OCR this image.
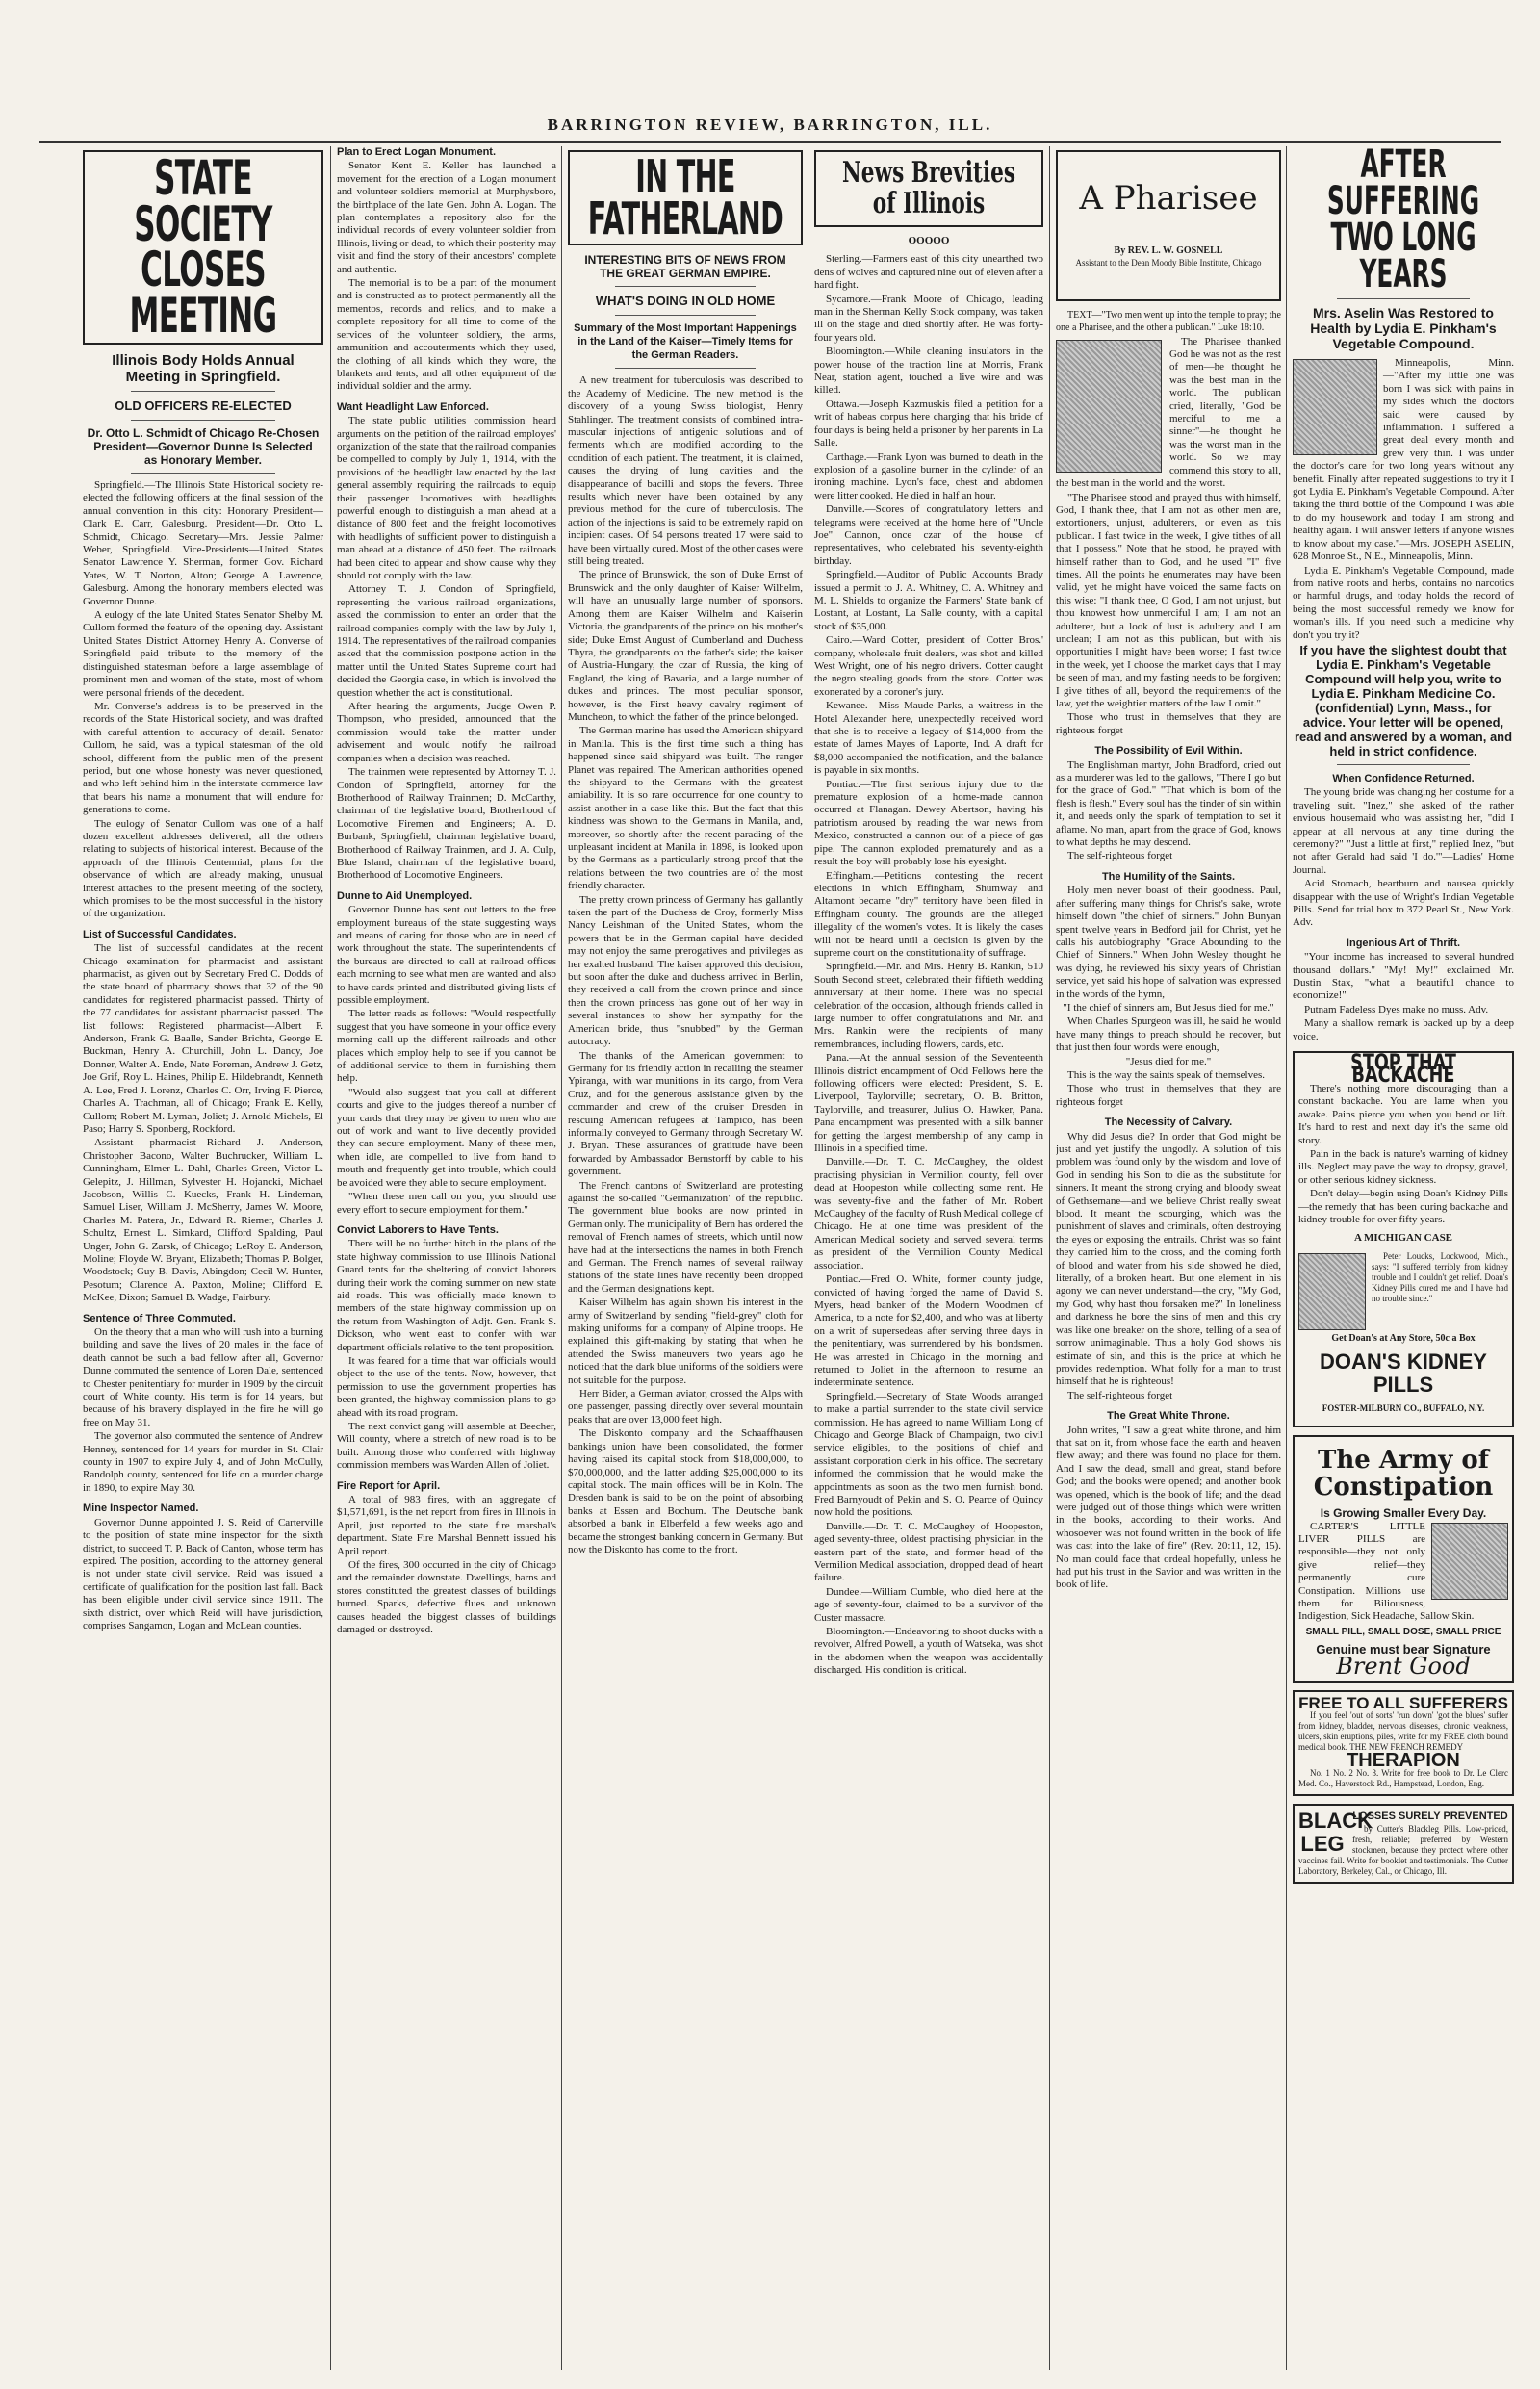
BARRINGTON REVIEW, BARRINGTON, ILL.
STATE SOCIETY CLOSES MEETING
Illinois Body Holds Annual Meeting in Springfield.
OLD OFFICERS RE-ELECTED
Dr. Otto L. Schmidt of Chicago Re-Chosen President—Governor Dunne Is Selected as Honorary Member.

Springfield.—The Illinois State Historical society re-elected the following officers at the final session of the annual convention in this city: Honorary President—Clark E. Carr, Galesburg. President—Dr. Otto L. Schmidt, Chicago. Secretary—Mrs. Jessie Palmer Weber, Springfield. Vice-Presidents—United States Senator Lawrence Y. Sherman, former Gov. Richard Yates, W. T. Norton, Alton; George A. Lawrence, Galesburg. Among the honorary members elected was Governor Dunne.

A eulogy of the late United States Senator Shelby M. Cullom formed the feature of the opening day. Assistant United States District Attorney Henry A. Converse of Springfield paid tribute to the memory of the distinguished statesman before a large assemblage of prominent men and women of the state, most of whom were personal friends of the decedent.

Mr. Converse's address is to be preserved in the records of the State Historical society, and was drafted with careful attention to accuracy of detail. Senator Cullom, he said, was a typical statesman of the old school, different from the public men of the present period, but one whose honesty was never questioned, and who left behind him in the interstate commerce law that bears his name a monument that will endure for generations to come.

The eulogy of Senator Cullom was one of a half dozen excellent addresses delivered, all the others relating to subjects of historical interest. Because of the approach of the Illinois Centennial, plans for the observance of which are already making, unusual interest attaches to the present meeting of the society, which promises to be the most successful in the history of the organization.

List of Successful Candidates.

The list of successful candidates at the recent Chicago examination for pharmacist and assistant pharmacist, as given out by Secretary Fred C. Dodds of the state board of pharmacy shows that 32 of the 90 candidates for registered pharmacist passed. Thirty of the 77 candidates for assistant pharmacist passed. The list follows: Registered pharmacist—Albert F. Anderson, Frank G. Baalle, Sander Brichta, George E. Buckman, Henry A. Churchill, John L. Dancy, Joe Donner, Walter A. Ende, Nate Foreman, Andrew J. Getz, Joe Grif, Roy L. Haines, Philip E. Hildebrandt, Kenneth A. Lee, Fred J. Lorenz, Charles C. Orr, Irving F. Pierce, Charles A. Trachman, all of Chicago; Frank E. Kelly, Cullom; Robert M. Lyman, Joliet; J. Arnold Michels, El Paso; Harry S. Sponberg, Rockford.

Assistant pharmacist—Richard J. Anderson, Christopher Bacono, Walter Buchrucker, William L. Cunningham, Elmer L. Dahl, Charles Green, Victor L. Gelepitz, J. Hillman, Sylvester H. Hojancki, Michael Jacobson, Willis C. Kuecks, Frank H. Lindeman, Samuel Liser, William J. McSherry, James W. Moore, Charles M. Patera, Jr., Edward R. Riemer, Charles J. Schultz, Ernest L. Simkard, Clifford Spalding, Paul Unger, John G. Zarsk, of Chicago; LeRoy E. Anderson, Moline; Floyde W. Bryant, Elizabeth; Thomas P. Bolger, Woodstock; Guy B. Davis, Abingdon; Cecil W. Hunter, Pesotum; Clarence A. Paxton, Moline; Clifford E. McKee, Dixon; Samuel B. Wadge, Fairbury.

Sentence of Three Commuted.

On the theory that a man who will rush into a burning building and save the lives of 20 males in the face of death cannot be such a bad fellow after all, Governor Dunne commuted the sentence of Loren Dale, sentenced to Chester penitentiary for murder in 1909 by the circuit court of White county. His term is for 14 years, but because of his bravery displayed in the fire he will go free on May 31.

The governor also commuted the sentence of Andrew Henney, sentenced for 14 years for murder in St. Clair county in 1907 to expire July 4, and of John McCully, Randolph county, sentenced for life on a murder charge in 1890, to expire May 30.

Mine Inspector Named.

Governor Dunne appointed J. S. Reid of Carterville to the position of state mine inspector for the sixth district, to succeed T. P. Back of Canton, whose term has expired. The position, according to the attorney general is not under state civil service. Reid was issued a certificate of qualification for the position last fall. Back has been eligible under civil service since 1911. The sixth district, over which Reid will have jurisdiction, comprises Sangamon, Logan and McLean counties.

Plan to Erect Logan Monument.

Senator Kent E. Keller has launched a movement for the erection of a Logan monument and volunteer soldiers memorial at Murphysboro, the birthplace of the late Gen. John A. Logan. The plan contemplates a repository also for the individual records of every volunteer soldier from Illinois, living or dead, to which their posterity may visit and find the story of their ancestors' complete and authentic.

The memorial is to be a part of the monument and is constructed as to protect permanently all the mementos, records and relics, and to make a complete repository for all time to come of the services of the volunteer soldiery, the arms, ammunition and accouterments which they used, the clothing of all kinds which they wore, the blankets and tents, and all other equipment of the individual soldier and the army.

Want Headlight Law Enforced.

The state public utilities commission heard arguments on the petition of the railroad employes' organization of the state that the railroad companies be compelled to comply by July 1, 1914, with the provisions of the headlight law enacted by the last general assembly requiring the railroads to equip their passenger locomotives with headlights powerful enough to distinguish a man ahead at a distance of 800 feet and the freight locomotives with headlights of sufficient power to distinguish a man ahead at a distance of 450 feet. The railroads had been cited to appear and show cause why they should not comply with the law.

Attorney T. J. Condon of Springfield, representing the various railroad organizations, asked the commission to enter an order that the railroad companies comply with the law by July 1, 1914. The representatives of the railroad companies asked that the commission postpone action in the matter until the United States Supreme court had decided the Georgia case, in which is involved the question whether the act is constitutional.

After hearing the arguments, Judge Owen P. Thompson, who presided, announced that the commission would take the matter under advisement and would notify the railroad companies when a decision was reached.

The trainmen were represented by Attorney T. J. Condon of Springfield, attorney for the Brotherhood of Railway Trainmen; D. McCarthy, chairman of the legislative board, Brotherhood of Locomotive Firemen and Engineers; A. D. Burbank, Springfield, chairman legislative board, Brotherhood of Railway Trainmen, and J. A. Culp, Blue Island, chairman of the legislative board, Brotherhood of Locomotive Engineers.

Dunne to Aid Unemployed.

Governor Dunne has sent out letters to the free employment bureaus of the state suggesting ways and means of caring for those who are in need of work throughout the state. The superintendents of the bureaus are directed to call at railroad offices each morning to see what men are wanted and also to have cards printed and distributed giving lists of possible employment.

The letter reads as follows: "Would respectfully suggest that you have someone in your office every morning call up the different railroads and other places which employ help to see if you cannot be of additional service to them in furnishing them help.

"Would also suggest that you call at different courts and give to the judges thereof a number of your cards that they may be given to men who are out of work and want to live decently provided they can secure employment. Many of these men, when idle, are compelled to live from hand to mouth and frequently get into trouble, which could be avoided were they able to secure employment.

"When these men call on you, you should use every effort to secure employment for them."

Convict Laborers to Have Tents.

There will be no further hitch in the plans of the state highway commission to use Illinois National Guard tents for the sheltering of convict laborers during their work the coming summer on new state aid roads. This was officially made known to members of the state highway commission up on the return from Washington of Adjt. Gen. Frank S. Dickson, who went east to confer with war department officials relative to the tent proposition.

It was feared for a time that war officials would object to the use of the tents. Now, however, that permission to use the government properties has been granted, the highway commission plans to go ahead with its road program.

The next convict gang will assemble at Beecher, Will county, where a stretch of new road is to be built. Among those who conferred with highway commission members was Warden Allen of Joliet.

Fire Report for April.

A total of 983 fires, with an aggregate of $1,571,691, is the net report from fires in Illinois in April, just reported to the state fire marshal's department. State Fire Marshal Bennett issued his April report.

Of the fires, 300 occurred in the city of Chicago and the remainder downstate. Dwellings, barns and stores constituted the greatest classes of buildings burned. Sparks, defective flues and unknown causes headed the biggest classes of buildings damaged or destroyed.

IN THE FATHERLAND
INTERESTING BITS OF NEWS FROM THE GREAT GERMAN EMPIRE.
WHAT'S DOING IN OLD HOME
Summary of the Most Important Happenings in the Land of the Kaiser—Timely Items for the German Readers.

A new treatment for tuberculosis was described to the Academy of Medicine. The new method is the discovery of a young Swiss biologist, Henry Stahlinger. The treatment consists of combined intra-muscular injections of antigenic solutions and of ferments which are modified according to the condition of each patient. The treatment, it is claimed, causes the drying of lung cavities and the disappearance of bacilli and stops the fevers. Three results which never have been obtained by any previous method for the cure of tuberculosis. The action of the injections is said to be extremely rapid on incipient cases. Of 54 persons treated 17 were said to have been virtually cured. Most of the other cases were still being treated.

The prince of Brunswick, the son of Duke Ernst of Brunswick and the only daughter of Kaiser Wilhelm, will have an unusually large number of sponsors. Among them are Kaiser Wilhelm and Kaiserin Victoria, the grandparents of the prince on his mother's side; Duke Ernst August of Cumberland and Duchess Thyra, the grandparents on the father's side; the kaiser of Austria-Hungary, the czar of Russia, the king of England, the king of Bavaria, and a large number of dukes and princes. The most peculiar sponsor, however, is the First heavy cavalry regiment of Muncheon, to which the father of the prince belonged.

The German marine has used the American shipyard in Manila. This is the first time such a thing has happened since said shipyard was built. The ranger Planet was repaired. The American authorities opened the shipyard to the Germans with the greatest amiability. It is so rare occurrence for one country to assist another in a case like this. But the fact that this kindness was shown to the Germans in Manila, and, moreover, so shortly after the recent parading of the unpleasant incident at Manila in 1898, is looked upon by the Germans as a particularly strong proof that the relations between the two countries are of the most friendly character.

The pretty crown princess of Germany has gallantly taken the part of the Duchess de Croy, formerly Miss Nancy Leishman of the United States, whom the powers that be in the German capital have decided may not enjoy the same prerogatives and privileges as her exalted husband. The kaiser approved this decision, but soon after the duke and duchess arrived in Berlin, they received a call from the crown prince and since then the crown princess has gone out of her way in several instances to show her sympathy for the American bride, thus "snubbed" by the German autocracy.

The thanks of the American government to Germany for its friendly action in recalling the steamer Ypiranga, with war munitions in its cargo, from Vera Cruz, and for the generous assistance given by the commander and crew of the cruiser Dresden in rescuing American refugees at Tampico, has been informally conveyed to Germany through Secretary W. J. Bryan. These assurances of gratitude have been forwarded by Ambassador Bernstorff by cable to his government.

The French cantons of Switzerland are protesting against the so-called "Germanization" of the republic. The government blue books are now printed in German only. The municipality of Bern has ordered the removal of French names of streets, which until now have had at the intersections the names in both French and German. The French names of several railway stations of the state lines have recently been dropped and the German designations kept.

Kaiser Wilhelm has again shown his interest in the army of Switzerland by sending "field-grey" cloth for making uniforms for a company of Alpine troops. He explained this gift-making by stating that when he attended the Swiss maneuvers two years ago he noticed that the dark blue uniforms of the soldiers were not suitable for the purpose.

Herr Bider, a German aviator, crossed the Alps with one passenger, passing directly over several mountain peaks that are over 13,000 feet high.

The Diskonto company and the Schaaffhausen bankings union have been consolidated, the former having raised its capital stock from $18,000,000, to $70,000,000, and the latter adding $25,000,000 to its capital stock. The main offices will be in Koln. The Dresden bank is said to be on the point of absorbing banks at Essen and Bochum. The Deutsche bank absorbed a bank in Elberfeld a few weeks ago and became the strongest banking concern in Germany. But now the Diskonto has come to the front.

News Brevities of Illinois
OOOOO

Sterling.—Farmers east of this city unearthed two dens of wolves and captured nine out of eleven after a hard fight.

Sycamore.—Frank Moore of Chicago, leading man in the Sherman Kelly Stock company, was taken ill on the stage and died shortly after. He was forty-four years old.

Bloomington.—While cleaning insulators in the power house of the traction line at Morris, Frank Near, station agent, touched a live wire and was killed.

Ottawa.—Joseph Kazmuskis filed a petition for a writ of habeas corpus here charging that his bride of four days is being held a prisoner by her parents in La Salle.

Carthage.—Frank Lyon was burned to death in the explosion of a gasoline burner in the cylinder of an ironing machine. Lyon's face, chest and abdomen were litter cooked. He died in half an hour.

Danville.—Scores of congratulatory letters and telegrams were received at the home here of "Uncle Joe" Cannon, once czar of the house of representatives, who celebrated his seventy-eighth birthday.

Springfield.—Auditor of Public Accounts Brady issued a permit to J. A. Whitney, C. A. Whitney and M. L. Shields to organize the Farmers' State bank of Lostant, at Lostant, La Salle county, with a capital stock of $35,000.

Cairo.—Ward Cotter, president of Cotter Bros.' company, wholesale fruit dealers, was shot and killed West Wright, one of his negro drivers. Cotter caught the negro stealing goods from the store. Cotter was exonerated by a coroner's jury.

Kewanee.—Miss Maude Parks, a waitress in the Hotel Alexander here, unexpectedly received word that she is to receive a legacy of $14,000 from the estate of James Mayes of Laporte, Ind. A draft for $8,000 accompanied the notification, and the balance is payable in six months.

Pontiac.—The first serious injury due to the premature explosion of a home-made cannon occurred at Flanagan. Dewey Abertson, having his patriotism aroused by reading the war news from Mexico, constructed a cannon out of a piece of gas pipe. The cannon exploded prematurely and as a result the boy will probably lose his eyesight.

Effingham.—Petitions contesting the recent elections in which Effingham, Shumway and Altamont became "dry" territory have been filed in Effingham county. The grounds are the alleged illegality of the women's votes. It is likely the cases will not be heard until a decision is given by the supreme court on the constitutionality of suffrage.

Springfield.—Mr. and Mrs. Henry B. Rankin, 510 South Second street, celebrated their fiftieth wedding anniversary at their home. There was no special celebration of the occasion, although friends called in large number to offer congratulations and Mr. and Mrs. Rankin were the recipients of many remembrances, including flowers, cards, etc.

Pana.—At the annual session of the Seventeenth Illinois district encampment of Odd Fellows here the following officers were elected: President, S. E. Liverpool, Taylorville; secretary, O. B. Britton, Taylorville, and treasurer, Julius O. Hawker, Pana. Pana encampment was presented with a silk banner for getting the largest membership of any camp in Illinois in a specified time.

Danville.—Dr. T. C. McCaughey, the oldest practising physician in Vermilion county, fell over dead at Hoopeston while collecting some rent. He was seventy-five and the father of Mr. Robert McCaughey of the faculty of Rush Medical college of Chicago. He at one time was president of the American Medical society and served several terms as president of the Vermilion County Medical association.

Pontiac.—Fred O. White, former county judge, convicted of having forged the name of David S. Myers, head banker of the Modern Woodmen of America, to a note for $2,400, and who was at liberty on a writ of supersedeas after serving three days in the penitentiary, was surrendered by his bondsmen. He was arrested in Chicago in the morning and returned to Joliet in the afternoon to resume an indeterminate sentence.

Springfield.—Secretary of State Woods arranged to make a partial surrender to the state civil service commission. He has agreed to name William Long of Chicago and George Black of Champaign, two civil service eligibles, to the positions of chief and assistant corporation clerk in his office. The secretary informed the commission that he would make the appointments as soon as the two men furnish bond. Fred Barnyoudt of Pekin and S. O. Pearce of Quincy now hold the positions.

Danville.—Dr. T. C. McCaughey of Hoopeston, aged seventy-three, oldest practising physician in the eastern part of the state, and former head of the Vermilion Medical association, dropped dead of heart failure.

Dundee.—William Cumble, who died here at the age of seventy-four, claimed to be a survivor of the Custer massacre.

Bloomington.—Endeavoring to shoot ducks with a revolver, Alfred Powell, a youth of Watseka, was shot in the abdomen when the weapon was accidentally discharged. His condition is critical.

A Pharisee
By REV. L. W. GOSNELL
Assistant to the Dean Moody Bible Institute, Chicago

TEXT—"Two men went up into the temple to pray; the one a Pharisee, and the other a publican." Luke 18:10.

The Pharisee thanked God he was not as the rest of men—he thought he was the best man in the world. The publican cried, literally, "God be merciful to me a sinner"—he thought he was the worst man in the world. So we may commend this story to all, the best man in the world and the worst.

"The Pharisee stood and prayed thus with himself, God, I thank thee, that I am not as other men are, extortioners, unjust, adulterers, or even as this publican. I fast twice in the week, I give tithes of all that I possess." Note that he stood, he prayed with himself rather than to God, and he used "I" five times. All the points he enumerates may have been valid, yet he might have voiced the same facts on this wise: "I thank thee, O God, I am not unjust, but thou knowest how unmerciful I am; I am not an adulterer, but a look of lust is adultery and I am unclean; I am not as this publican, but with his opportunities I might have been worse; I fast twice in the week, yet I choose the market days that I may be seen of man, and my fasting needs to be forgiven; I give tithes of all, beyond the requirements of the law, yet the weightier matters of the law I omit."

Those who trust in themselves that they are righteous forget

The Possibility of Evil Within.

The Englishman martyr, John Bradford, cried out as a murderer was led to the gallows, "There I go but for the grace of God." "That which is born of the flesh is flesh." Every soul has the tinder of sin within it, and needs only the spark of temptation to set it aflame. No man, apart from the grace of God, knows to what depths he may descend.

The self-righteous forget

The Humility of the Saints.

Holy men never boast of their goodness. Paul, after suffering many things for Christ's sake, wrote himself down "the chief of sinners." John Bunyan spent twelve years in Bedford jail for Christ, yet he calls his autobiography "Grace Abounding to the Chief of Sinners." When John Wesley thought he was dying, he reviewed his sixty years of Christian service, yet said his hope of salvation was expressed in the words of the hymn,

"I the chief of sinners am, But Jesus died for me."

When Charles Spurgeon was ill, he said he would have many things to preach should he recover, but that just then four words were enough,

"Jesus died for me."

This is the way the saints speak of themselves.

Those who trust in themselves that they are righteous forget

The Necessity of Calvary.

Why did Jesus die? In order that God might be just and yet justify the ungodly. A solution of this problem was found only by the wisdom and love of God in sending his Son to die as the substitute for sinners. It meant the strong crying and bloody sweat of Gethsemane—and we believe Christ really sweat blood. It meant the scourging, which was the punishment of slaves and criminals, often destroying the eyes or exposing the entrails. Christ was so faint they carried him to the cross, and the coming forth of blood and water from his side showed he died, literally, of a broken heart. But one element in his agony we can never understand—the cry, "My God, my God, why hast thou forsaken me?" In loneliness and darkness he bore the sins of men and this cry was like one breaker on the shore, telling of a sea of sorrow unimaginable. Thus a holy God shows his estimate of sin, and this is the price at which he provides redemption. What folly for a man to trust himself that he is righteous!

The self-righteous forget

The Great White Throne.

John writes, "I saw a great white throne, and him that sat on it, from whose face the earth and heaven flew away; and there was found no place for them. And I saw the dead, small and great, stand before God; and the books were opened; and another book was opened, which is the book of life; and the dead were judged out of those things which were written in the books, according to their works. And whosoever was not found written in the book of life was cast into the lake of fire" (Rev. 20:11, 12, 15). No man could face that ordeal hopefully, unless he had put his trust in the Savior and was written in the book of life.

AFTER SUFFERING TWO LONG YEARS
Mrs. Aselin Was Restored to Health by Lydia E. Pinkham's Vegetable Compound.

Minneapolis, Minn.—"After my little one was born I was sick with pains in my sides which the doctors said were caused by inflammation. I suffered a great deal every month and grew very thin. I was under the doctor's care for two long years without any benefit. Finally after repeated suggestions to try it I got Lydia E. Pinkham's Vegetable Compound. After taking the third bottle of the Compound I was able to do my housework and today I am strong and healthy again. I will answer letters if anyone wishes to know about my case."—Mrs. JOSEPH ASELIN, 628 Monroe St., N.E., Minneapolis, Minn.

Lydia E. Pinkham's Vegetable Compound, made from native roots and herbs, contains no narcotics or harmful drugs, and today holds the record of being the most successful remedy we know for woman's ills. If you need such a medicine why don't you try it?

If you have the slightest doubt that Lydia E. Pinkham's Vegetable Compound will help you, write to Lydia E. Pinkham Medicine Co. (confidential) Lynn, Mass., for advice. Your letter will be opened, read and answered by a woman, and held in strict confidence.

When Confidence Returned.

The young bride was changing her costume for a traveling suit. "Inez," she asked of the rather envious housemaid who was assisting her, "did I appear at all nervous at any time during the ceremony?" "Just a little at first," replied Inez, "but not after Gerald had said 'I do.'"—Ladies' Home Journal.

Acid Stomach, heartburn and nausea quickly disappear with the use of Wright's Indian Vegetable Pills. Send for trial box to 372 Pearl St., New York. Adv.

Ingenious Art of Thrift.

"Your income has increased to several hundred thousand dollars." "My! My!" exclaimed Mr. Dustin Stax, "what a beautiful chance to economize!"

Putnam Fadeless Dyes make no muss. Adv.

Many a shallow remark is backed up by a deep voice.

STOP THAT BACKACHE

There's nothing more discouraging than a constant backache. You are lame when you awake. Pains pierce you when you bend or lift. It's hard to rest and next day it's the same old story.

Pain in the back is nature's warning of kidney ills. Neglect may pave the way to dropsy, gravel, or other serious kidney sickness.

Don't delay—begin using Doan's Kidney Pills—the remedy that has been curing backache and kidney trouble for over fifty years.

A MICHIGAN CASE

Peter Loucks, Lockwood, Mich., says: "I suffered terribly from kidney trouble and I couldn't get relief. Doan's Kidney Pills cured me and I have had no trouble since."

Get Doan's at Any Store, 50c a Box
DOAN'S KIDNEY PILLS
FOSTER-MILBURN CO., BUFFALO, N.Y.
The Army of Constipation
Is Growing Smaller Every Day.

CARTER'S LITTLE LIVER PILLS are responsible—they not only give relief—they permanently cure Constipation. Millions use them for Biliousness, Indigestion, Sick Headache, Sallow Skin.

SMALL PILL, SMALL DOSE, SMALL PRICE
Genuine must bear Signature
Brent Good
FREE TO ALL SUFFERERS

If you feel 'out of sorts' 'run down' 'got the blues' suffer from kidney, bladder, nervous diseases, chronic weakness, ulcers, skin eruptions, piles, write for my FREE cloth bound medical book. THE NEW FRENCH REMEDY

THERAPION

No. 1 No. 2 No. 3. Write for free book to Dr. Le Clerc Med. Co., Haverstock Rd., Hampstead, London, Eng.

BLACK LEG
LOSSES SURELY PREVENTED

by Cutter's Blackleg Pills. Low-priced, fresh, reliable; preferred by Western stockmen, because they protect where other vaccines fail. Write for booklet and testimonials. The Cutter Laboratory, Berkeley, Cal., or Chicago, Ill.
